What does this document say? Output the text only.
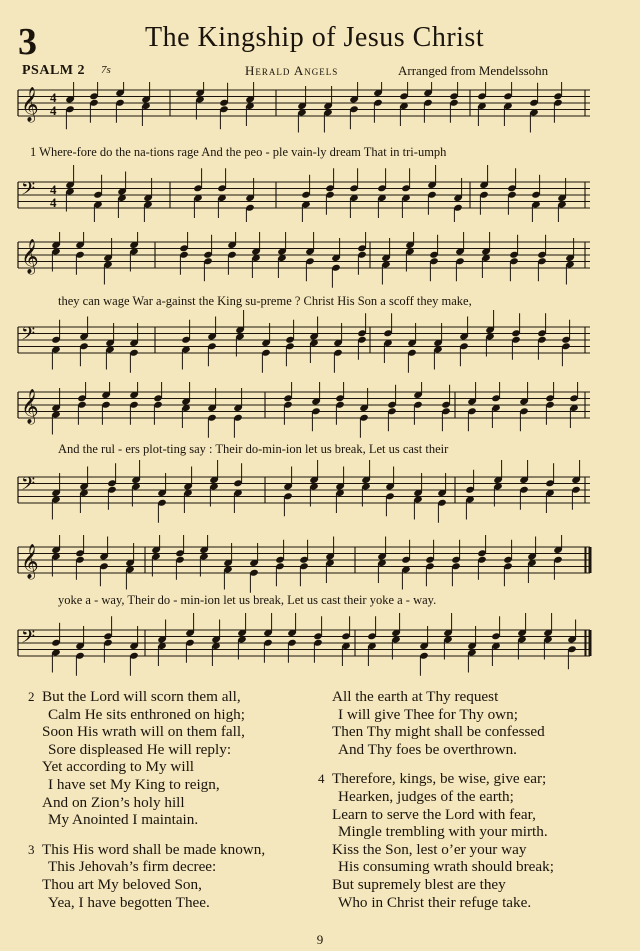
3	The Kingship of Jesus Christ
PSALM 2 7s	Herald Angels	Arranged from Mendelssohn
𝄞 4
4
𝄢 4
4
1 Where-fore do the na-tions rage And the peo - ple vain-ly dream That in tri-umph
𝄞
𝄢
they can wage War a-gainst the King su-preme ? Christ His Son a scoff they make,
𝄞
𝄢
And the rul - ers plot-ting say : Their do-min-ion let us break, Let us cast their
𝄞
𝄢
yoke a - way, Their do - min-ion let us break, Let us cast their yoke a - way.
2 But the Lord will scorn them all,
Calm He sits enthroned on high;
Soon His wrath will on them fall,
Sore displeased He will reply:
Yet according to My will
I have set My King to reign,
And on Zion’s holy hill
My Anointed I maintain.
3 This His word shall be made known,
This Jehovah’s firm decree:
Thou art My beloved Son,
Yea, I have begotten Thee.
All the earth at Thy request
I will give Thee for Thy own;
Then Thy might shall be confessed
And Thy foes be overthrown.
4 Therefore, kings, be wise, give ear;
Hearken, judges of the earth;
Learn to serve the Lord with fear,
Mingle trembling with your mirth.
Kiss the Son, lest o’er your way
His consuming wrath should break;
But supremely blest are they
Who in Christ their refuge take.
9
